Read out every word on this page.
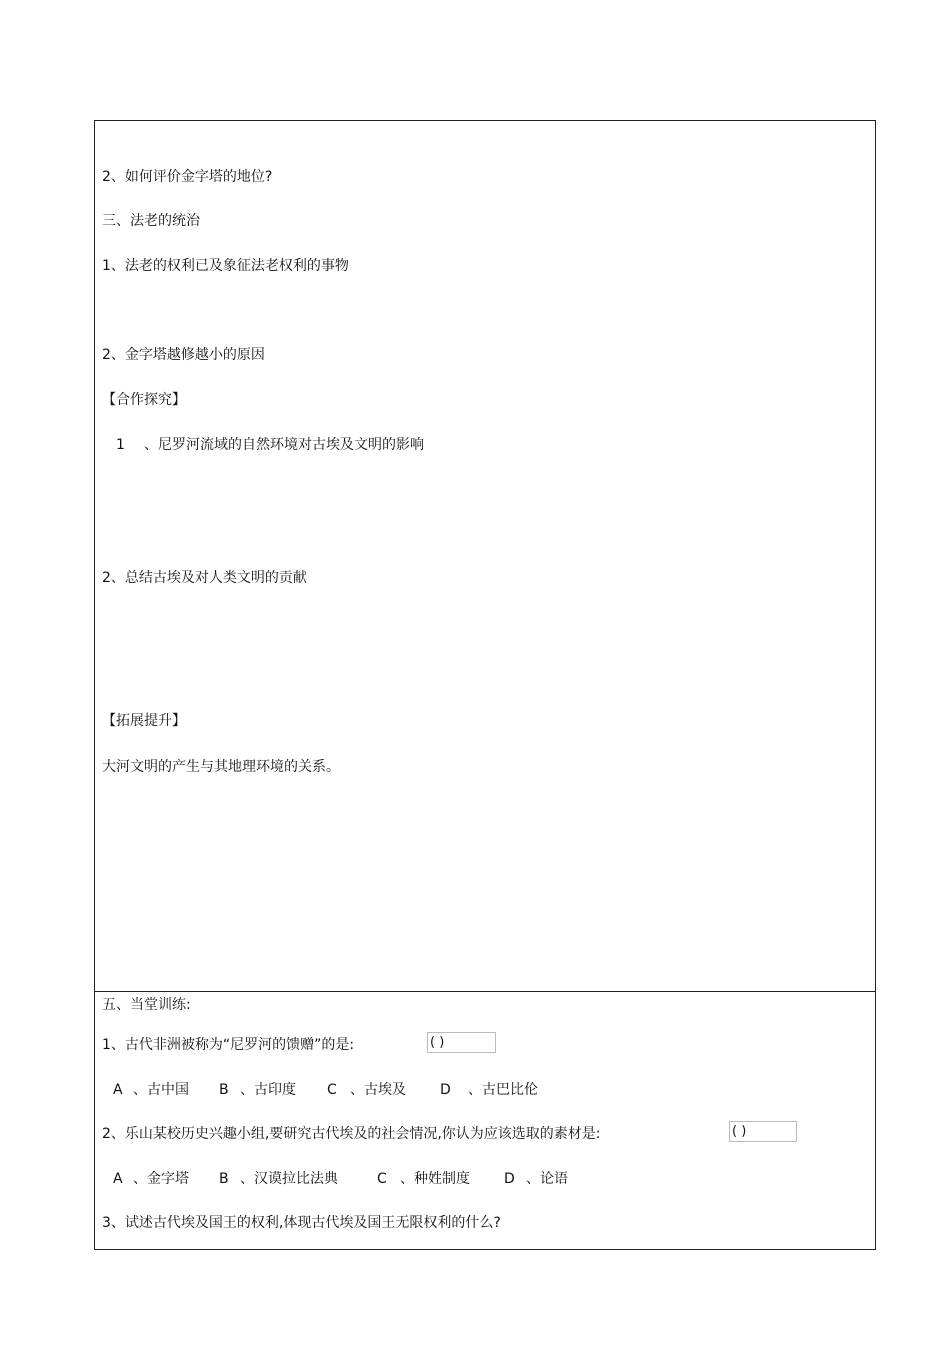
2、如何评价金字塔的地位?
三、法老的统治
1、法老的权利已及象征法老权利的事物
2、金字塔越修越小的原因
【合作探究】
1 、尼罗河流域的自然环境对古埃及文明的影响
2、总结古埃及对人类文明的贡献
【拓展提升】
大河文明的产生与其地理环境的关系。
五、当堂训练:
1、古代非洲被称为“尼罗河的馈赠”的是:	( )
A 、古中国 B 、古印度 C 、古埃及 D 、古巴比伦
2、乐山某校历史兴趣小组,要研究古代埃及的社会情况,你认为应该选取的素材是:	( )
A 、金字塔 B 、汉谟拉比法典	C 、种姓制度 D 、论语
3、试述古代埃及国王的权利,体现古代埃及国王无限权利的什么?
